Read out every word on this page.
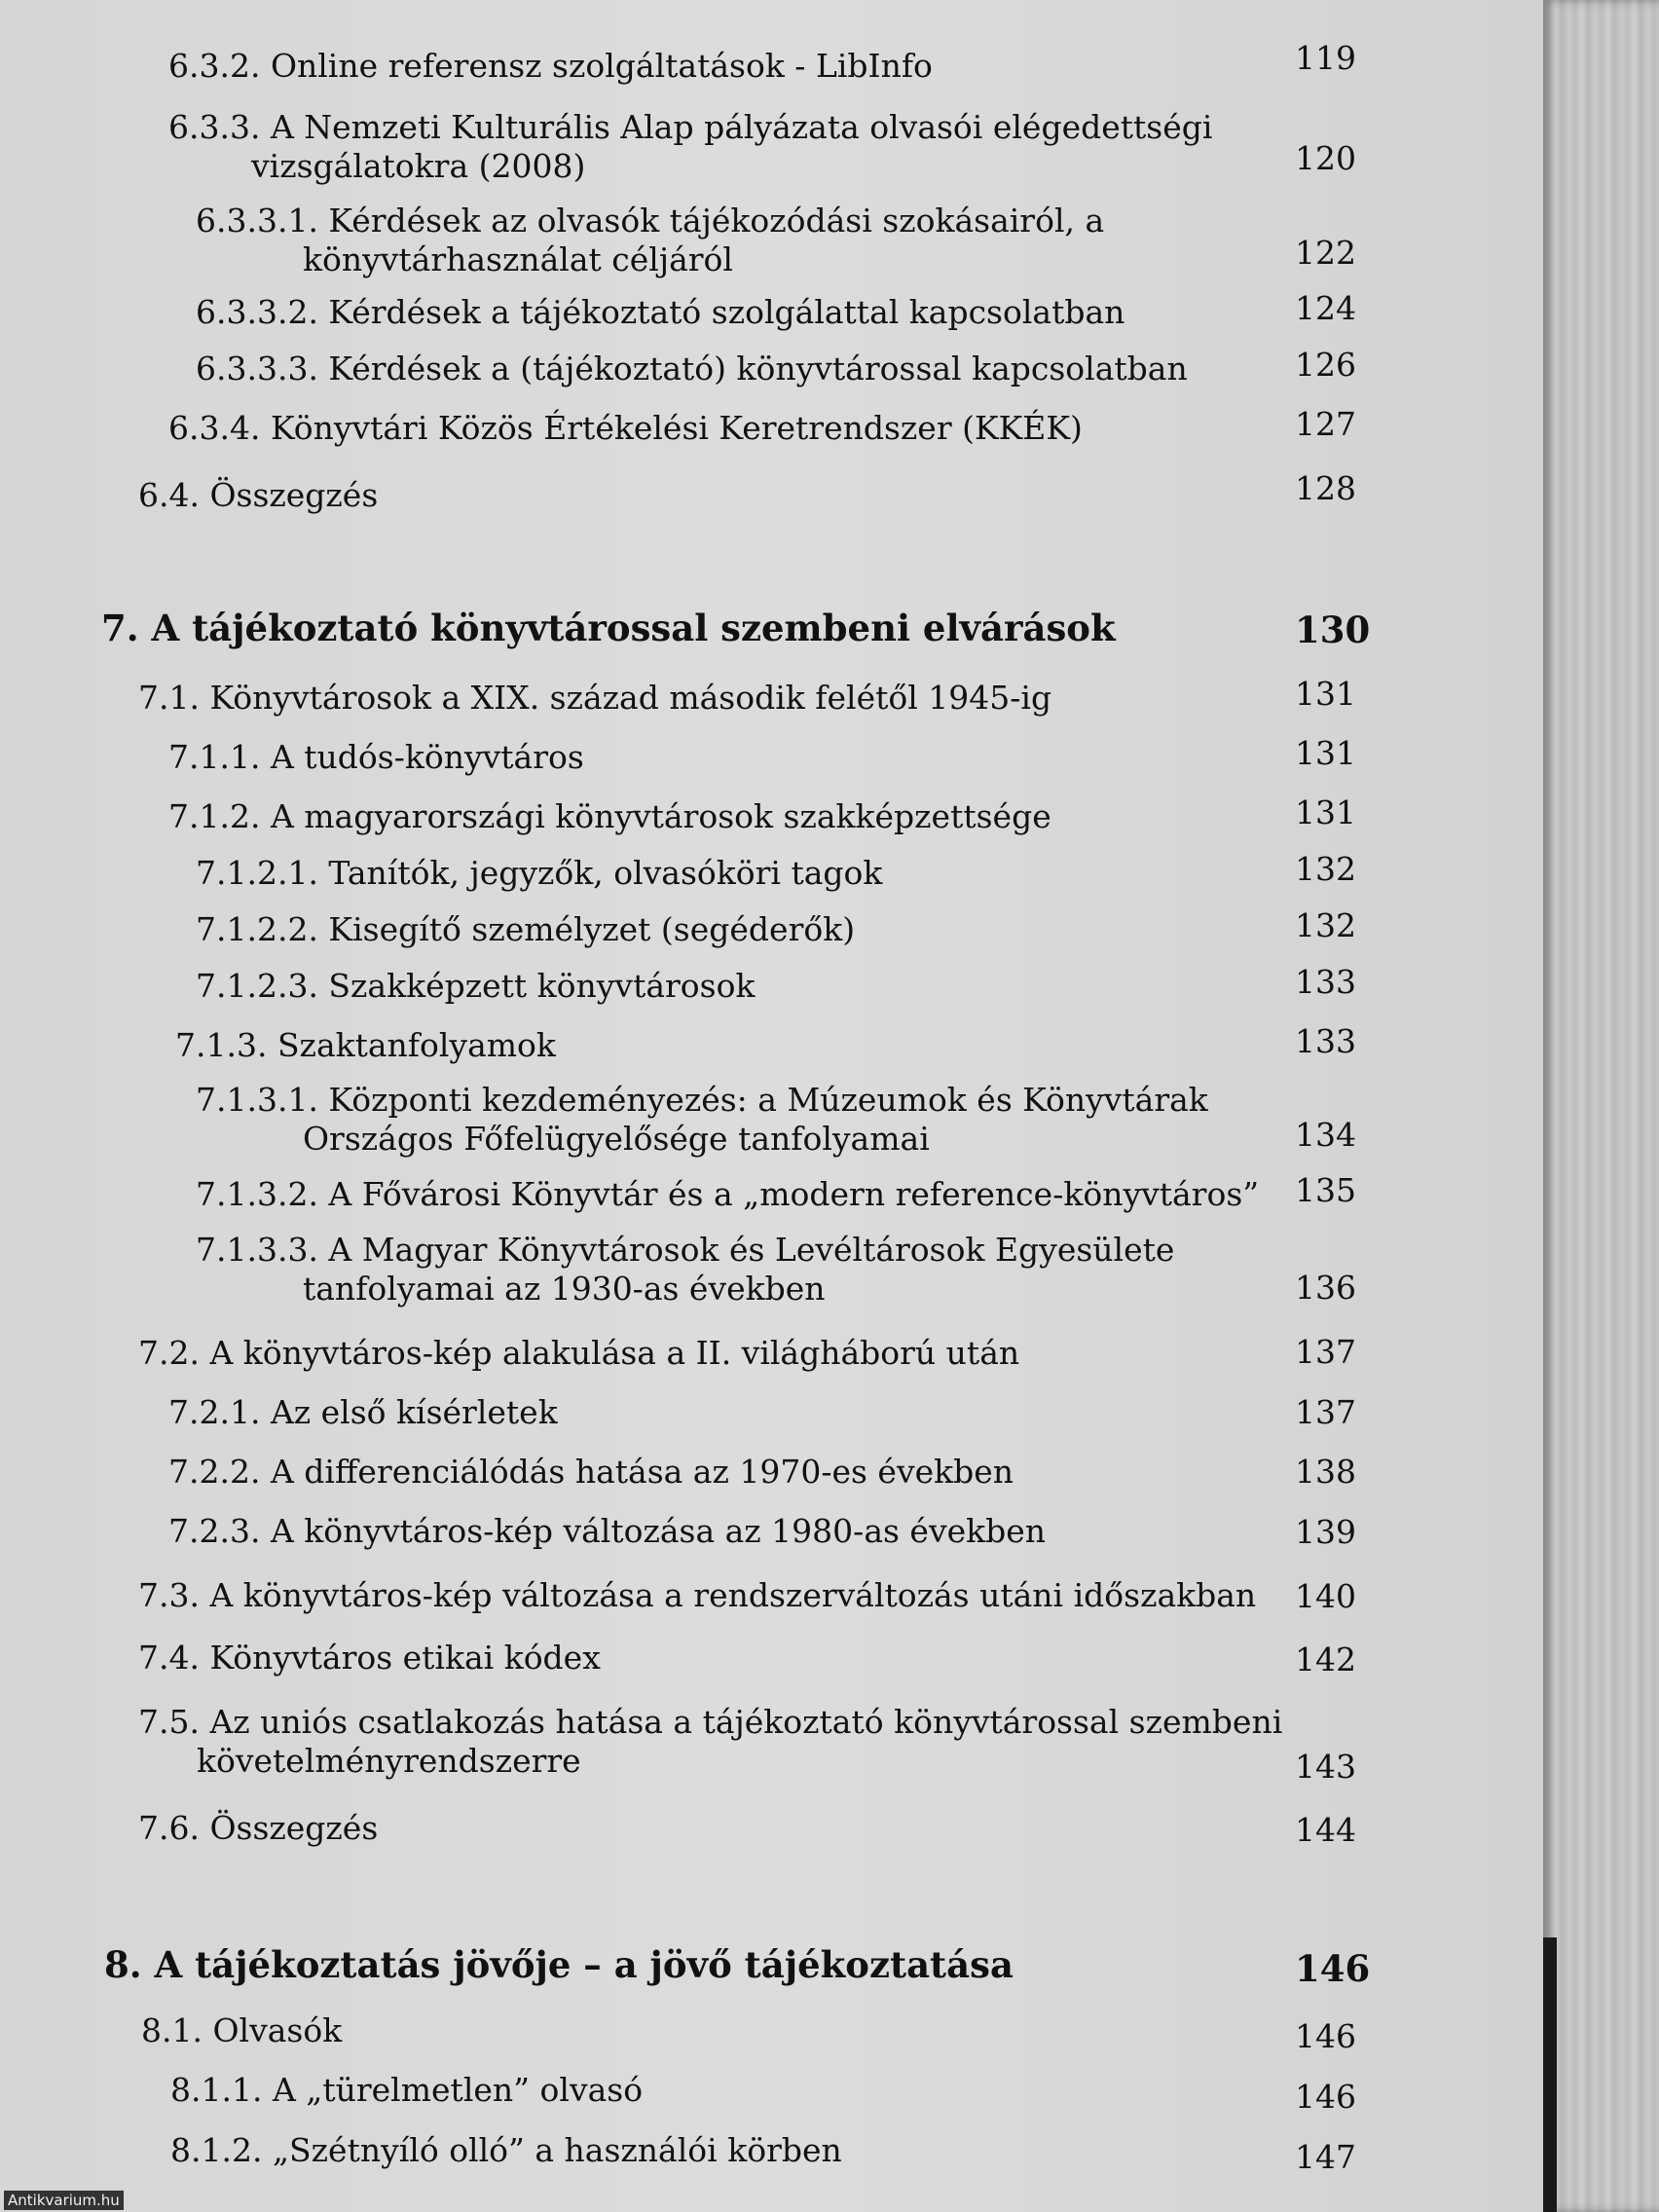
6.3.2. Online referensz szolgáltatások - LibInfo	119
6.3.3. A Nemzeti Kulturális Alap pályázata olvasói elégedettségi
vizsgálatokra (2008)	120
6.3.3.1. Kérdések az olvasók tájékozódási szokásairól, a
könyvtárhasználat céljáról	122
6.3.3.2. Kérdések a tájékoztató szolgálattal kapcsolatban	124
6.3.3.3. Kérdések a (tájékoztató) könyvtárossal kapcsolatban	126
6.3.4. Könyvtári Közös Értékelési Keretrendszer (KKÉK)	127
6.4. Összegzés	128
7. A tájékoztató könyvtárossal szembeni elvárások	130
7.1. Könyvtárosok a XIX. század második felétől 1945-ig	131
7.1.1. A tudós-könyvtáros	131
7.1.2. A magyarországi könyvtárosok szakképzettsége	131
7.1.2.1. Tanítók, jegyzők, olvasóköri tagok	132
7.1.2.2. Kisegítő személyzet (segéderők)	132
7.1.2.3. Szakképzett könyvtárosok	133
7.1.3. Szaktanfolyamok	133
7.1.3.1. Központi kezdeményezés: a Múzeumok és Könyvtárak
Országos Főfelügyelősége tanfolyamai	134
7.1.3.2. A Fővárosi Könyvtár és a „modern reference-könyvtáros” 135
7.1.3.3. A Magyar Könyvtárosok és Levéltárosok Egyesülete
tanfolyamai az 1930-as években	136
7.2. A könyvtáros-kép alakulása a II. világháború után	137
7.2.1. Az első kísérletek	137
7.2.2. A differenciálódás hatása az 1970-es években	138
7.2.3. A könyvtáros-kép változása az 1980-as években	139
7.3. A könyvtáros-kép változása a rendszerváltozás utáni időszakban 140
7.4. Könyvtáros etikai kódex	142
7.5. Az uniós csatlakozás hatása a tájékoztató könyvtárossal szembeni
követelményrendszerre	143
7.6. Összegzés	144
8. A tájékoztatás jövője – a jövő tájékoztatása	146
8.1. Olvasók	146
8.1.1. A „türelmetlen” olvasó	146
8.1.2. „Szétnyíló olló” a használói körben	147
Antikvarium.hu
